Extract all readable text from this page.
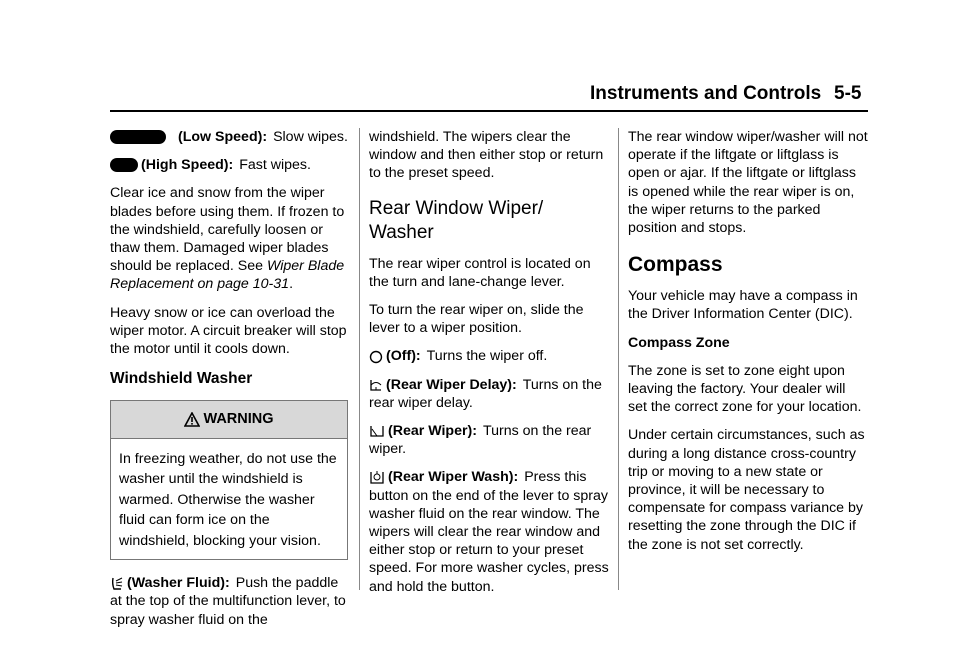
Instruments and Controls 5-5

(Low Speed): Slow wipes.

(High Speed): Fast wipes.

Clear ice and snow from the wiper blades before using them. If frozen to the windshield, carefully loosen or thaw them. Damaged wiper blades should be replaced. See Wiper Blade Replacement on page 10-31.

Heavy snow or ice can overload the wiper motor. A circuit breaker will stop the motor until it cools down.

Windshield Washer
WARNING
In freezing weather, do not use the washer until the windshield is warmed. Otherwise the washer fluid can form ice on the windshield, blocking your vision.

(Washer Fluid): Push the paddle at the top of the multifunction lever, to spray washer fluid on the

windshield. The wipers clear the window and then either stop or return to the preset speed.

Rear Window Wiper/ Washer

The rear wiper control is located on the turn and lane-change lever.

To turn the rear wiper on, slide the lever to a wiper position.

(Off): Turns the wiper off.

(Rear Wiper Delay): Turns on the rear wiper delay.

(Rear Wiper): Turns on the rear wiper.

(Rear Wiper Wash): Press this button on the end of the lever to spray washer fluid on the rear window. The wipers will clear the rear window and either stop or return to your preset speed. For more washer cycles, press and hold the button.

The rear window wiper/washer will not operate if the liftgate or liftglass is open or ajar. If the liftgate or liftglass is opened while the rear wiper is on, the wiper returns to the parked position and stops.

Compass

Your vehicle may have a compass in the Driver Information Center (DIC).

Compass Zone

The zone is set to zone eight upon leaving the factory. Your dealer will set the correct zone for your location.

Under certain circumstances, such as during a long distance cross-country trip or moving to a new state or province, it will be necessary to compensate for compass variance by resetting the zone through the DIC if the zone is not set correctly.
